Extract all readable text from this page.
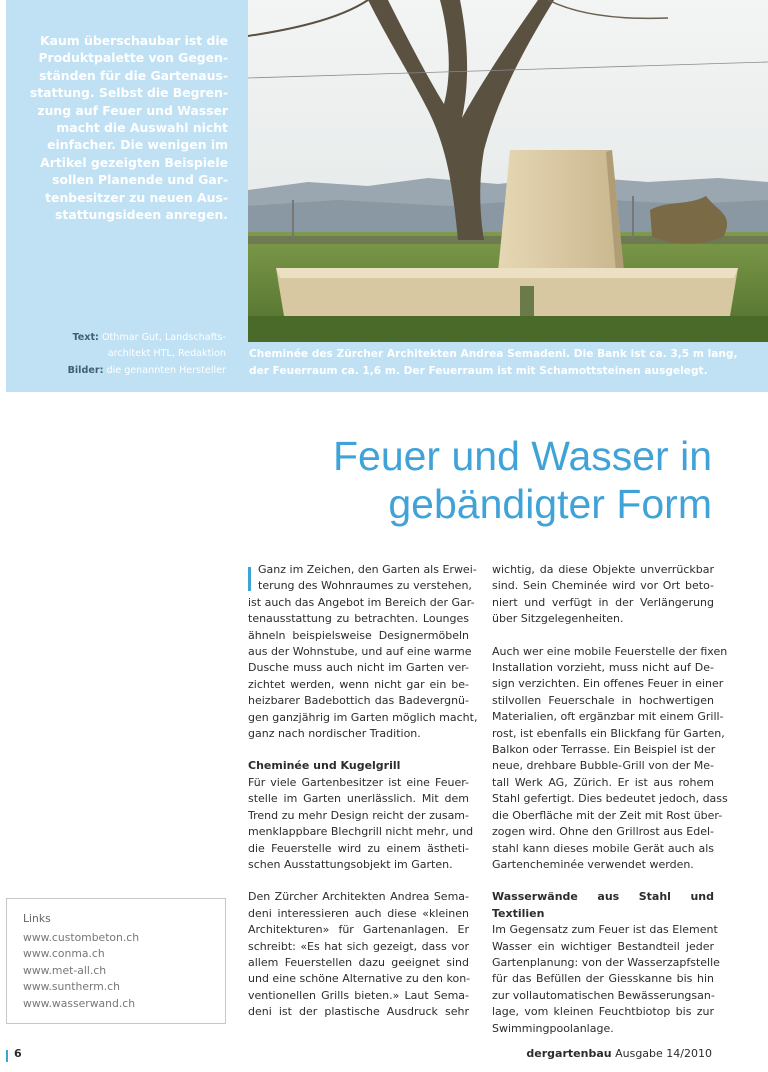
Kaum überschaubar ist die

Produktpalette von Gegen-

ständen für die Gartenaus-

stattung. Selbst die Begren-

zung auf Feuer und Wasser

macht die Auswahl nicht

einfacher. Die wenigen im

Artikel gezeigten Beispiele

sollen Planende und Gar-

tenbesitzer zu neuen Aus-

stattungsideen anregen.

Text: Othmar Gut, Landschafts-

architekt HTL, Redaktion

Bilder: die genannten Hersteller

Cheminée des Zürcher Architekten Andrea Semadeni. Die Bank ist ca. 3,5 m lang,

der Feuerraum ca. 1,6 m. Der Feuerraum ist mit Schamottsteinen ausgelegt.

Feuer und Wasser in

gebändigter Form

Ganz im Zeichen, den Garten als Erwei-

terung des Wohnraumes zu verstehen,

ist auch das Angebot im Bereich der Gar-

tenausstattung zu betrachten. Lounges

ähneln beispielsweise Designermöbeln

aus der Wohnstube, und auf eine warme

Dusche muss auch nicht im Garten ver-

zichtet werden, wenn nicht gar ein be-

heizbarer Badebottich das Badevergnü-

gen ganzjährig im Garten möglich macht,

ganz nach nordischer Tradition.

Cheminée und Kugelgrill

Für viele Gartenbesitzer ist eine Feuer-

stelle im Garten unerlässlich. Mit dem

Trend zu mehr Design reicht der zusam-

menklappbare Blechgrill nicht mehr, und

die Feuerstelle wird zu einem ästheti-

schen Ausstattungsobjekt im Garten.

Den Zürcher Architekten Andrea Sema-

deni interessieren auch diese «kleinen

Architekturen» für Gartenanlagen. Er

schreibt: «Es hat sich gezeigt, dass vor

allem Feuerstellen dazu geeignet sind

und eine schöne Alternative zu den kon-

ventionellen Grills bieten.» Laut Sema-

deni ist der plastische Ausdruck sehr

wichtig, da diese Objekte unverrückbar

sind. Sein Cheminée wird vor Ort beto-

niert und verfügt in der Verlängerung

über Sitzgelegenheiten.

Auch wer eine mobile Feuerstelle der fixen

Installation vorzieht, muss nicht auf De-

sign verzichten. Ein offenes Feuer in einer

stilvollen Feuerschale in hochwertigen

Materialien, oft ergänzbar mit einem Grill-

rost, ist ebenfalls ein Blickfang für Garten,

Balkon oder Terrasse. Ein Beispiel ist der

neue, drehbare Bubble-Grill von der Me-

tall Werk AG, Zürich. Er ist aus rohem

Stahl gefertigt. Dies bedeutet jedoch, dass

die Oberfläche mit der Zeit mit Rost über-

zogen wird. Ohne den Grillrost aus Edel-

stahl kann dieses mobile Gerät auch als

Gartencheminée verwendet werden.

Wasserwände aus Stahl und Textilien

Im Gegensatz zum Feuer ist das Element

Wasser ein wichtiger Bestandteil jeder

Gartenplanung: von der Wasserzapfstelle

für das Befüllen der Giesskanne bis hin

zur vollautomatischen Bewässerungsan-

lage, vom kleinen Feuchtbiotop bis zur

Swimmingpoolanlage.

Links

www.custombeton.ch

www.conma.ch

www.met-all.ch

www.suntherm.ch

www.wasserwand.ch

6	dergartenbau Ausgabe 14/2010
